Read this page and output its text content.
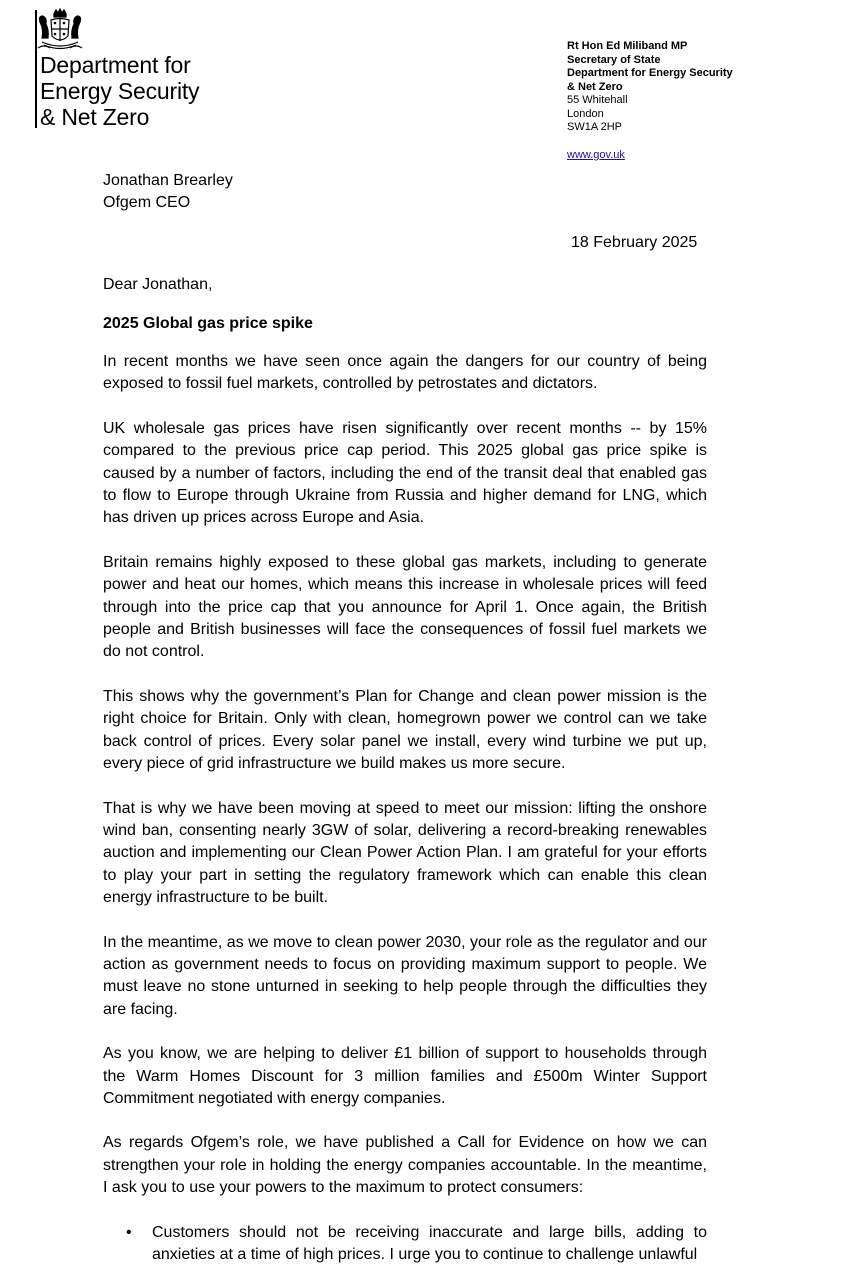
Department for
Energy Security
& Net Zero
Rt Hon Ed Miliband MP
Secretary of State
Department for Energy Security
& Net Zero
55 Whitehall
London
SW1A 2HP
www.gov.uk
Jonathan Brearley
Ofgem CEO
18 February 2025
Dear Jonathan,
2025 Global gas price spike

In recent months we have seen once again the dangers for our country of being exposed to fossil fuel markets, controlled by petrostates and dictators.

UK wholesale gas prices have risen significantly over recent months -- by 15% compared to the previous price cap period. This 2025 global gas price spike is caused by a number of factors, including the end of the transit deal that enabled gas to flow to Europe through Ukraine from Russia and higher demand for LNG, which has driven up prices across Europe and Asia.

Britain remains highly exposed to these global gas markets, including to generate power and heat our homes, which means this increase in wholesale prices will feed through into the price cap that you announce for April 1. Once again, the British people and British businesses will face the consequences of fossil fuel markets we do not control.

This shows why the government’s Plan for Change and clean power mission is the right choice for Britain. Only with clean, homegrown power we control can we take back control of prices. Every solar panel we install, every wind turbine we put up, every piece of grid infrastructure we build makes us more secure.

That is why we have been moving at speed to meet our mission: lifting the onshore wind ban, consenting nearly 3GW of solar, delivering a record-breaking renewables auction and implementing our Clean Power Action Plan. I am grateful for your efforts to play your part in setting the regulatory framework which can enable this clean energy infrastructure to be built.

In the meantime, as we move to clean power 2030, your role as the regulator and our action as government needs to focus on providing maximum support to people. We must leave no stone unturned in seeking to help people through the difficulties they are facing.

As you know, we are helping to deliver £1 billion of support to households through the Warm Homes Discount for 3 million families and £500m Winter Support Commitment negotiated with energy companies.

As regards Ofgem’s role, we have published a Call for Evidence on how we can strengthen your role in holding the energy companies accountable. In the meantime, I ask you to use your powers to the maximum to protect consumers:

• Customers should not be receiving inaccurate and large bills, adding to anxieties at a time of high prices. I urge you to continue to challenge unlawful
